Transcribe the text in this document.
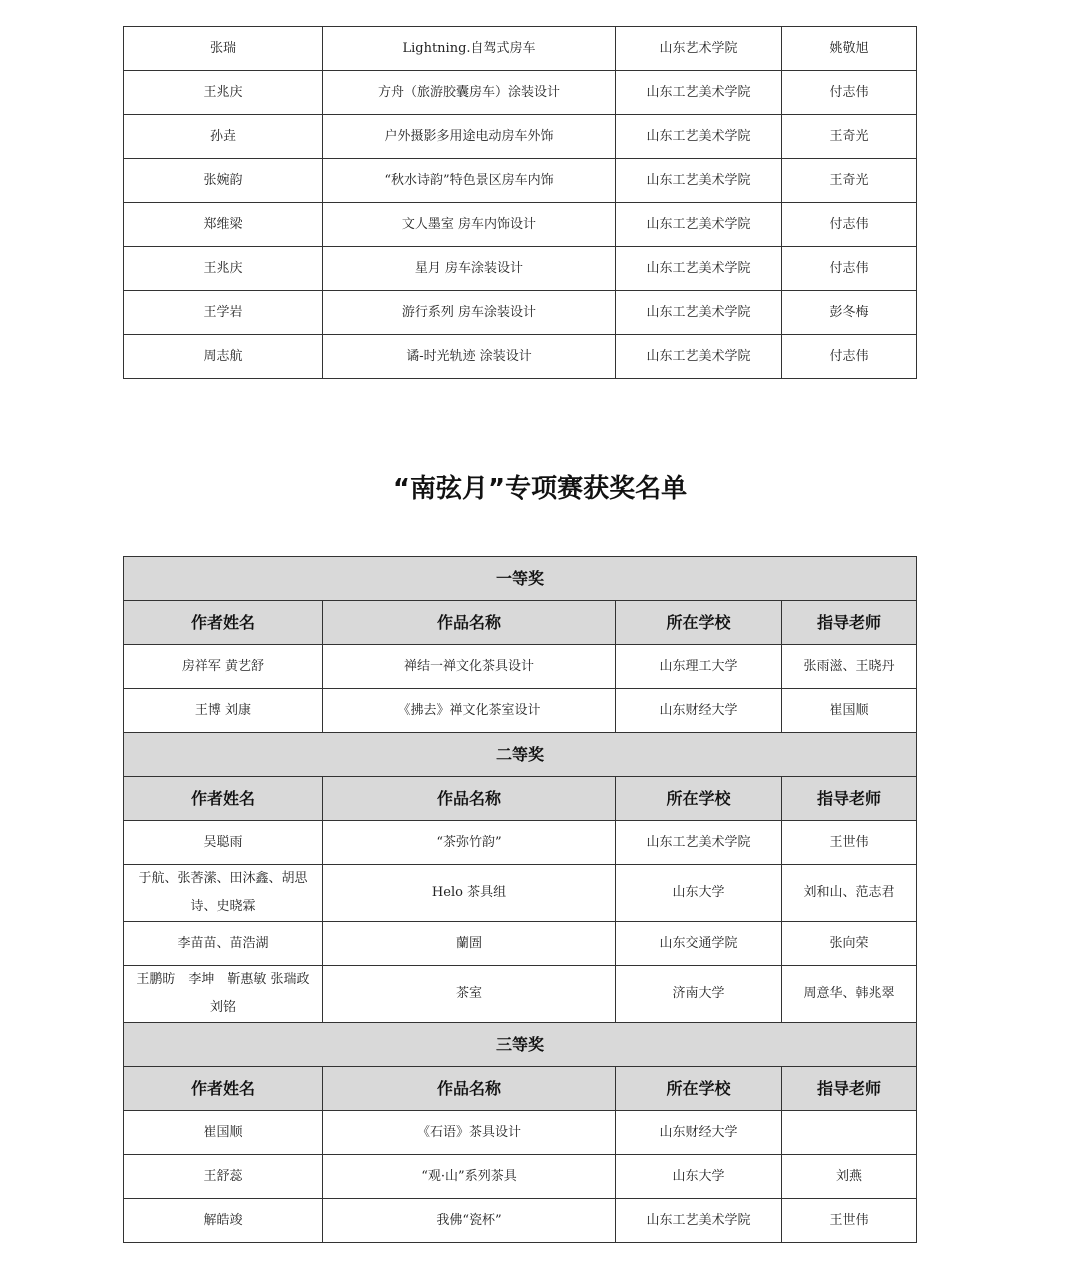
张瑞	Lightning.自驾式房车	山东艺术学院	姚敬旭
王兆庆	方舟（旅游胶囊房车）涂装设计	山东工艺美术学院	付志伟
孙垚	户外摄影多用途电动房车外饰	山东工艺美术学院	王奇光
张婉韵	“秋水诗韵”特色景区房车内饰	山东工艺美术学院	王奇光
郑维梁	文人墨室 房车内饰设计	山东工艺美术学院	付志伟
王兆庆	星月 房车涂装设计	山东工艺美术学院	付志伟
王学岩	游行系列 房车涂装设计	山东工艺美术学院	彭冬梅
周志航	谲-时光轨迹 涂装设计	山东工艺美术学院	付志伟
“南弦月”专项赛获奖名单
一等奖			
作者姓名	作品名称	所在学校	指导老师
房祥军 黄艺舒	禅结一禅文化茶具设计	山东理工大学	张雨滋、王晓丹
王博 刘康	《拂去》禅文化茶室设计	山东财经大学	崔国顺
二等奖			
作者姓名	作品名称	所在学校	指导老师
吴聪雨	“茶弥竹韵”	山东工艺美术学院	王世伟
于航、张莕潆、田沐鑫、胡思诗、史晓霖	Helo 茶具组	山东大学	刘和山、范志君
李苗苗、苗浩湖	蘭圄	山东交通学院	张向荣
王鹏昉　李坤　靳惠敏 张瑞政　刘铭	茶室	济南大学	周意华、韩兆翠
三等奖			
作者姓名	作品名称	所在学校	指导老师
崔国顺	《石语》茶具设计	山东财经大学	
王舒蕊	“观·山”系列茶具	山东大学	刘燕
解皓竣	我佛“瓷杯”	山东工艺美术学院	王世伟
